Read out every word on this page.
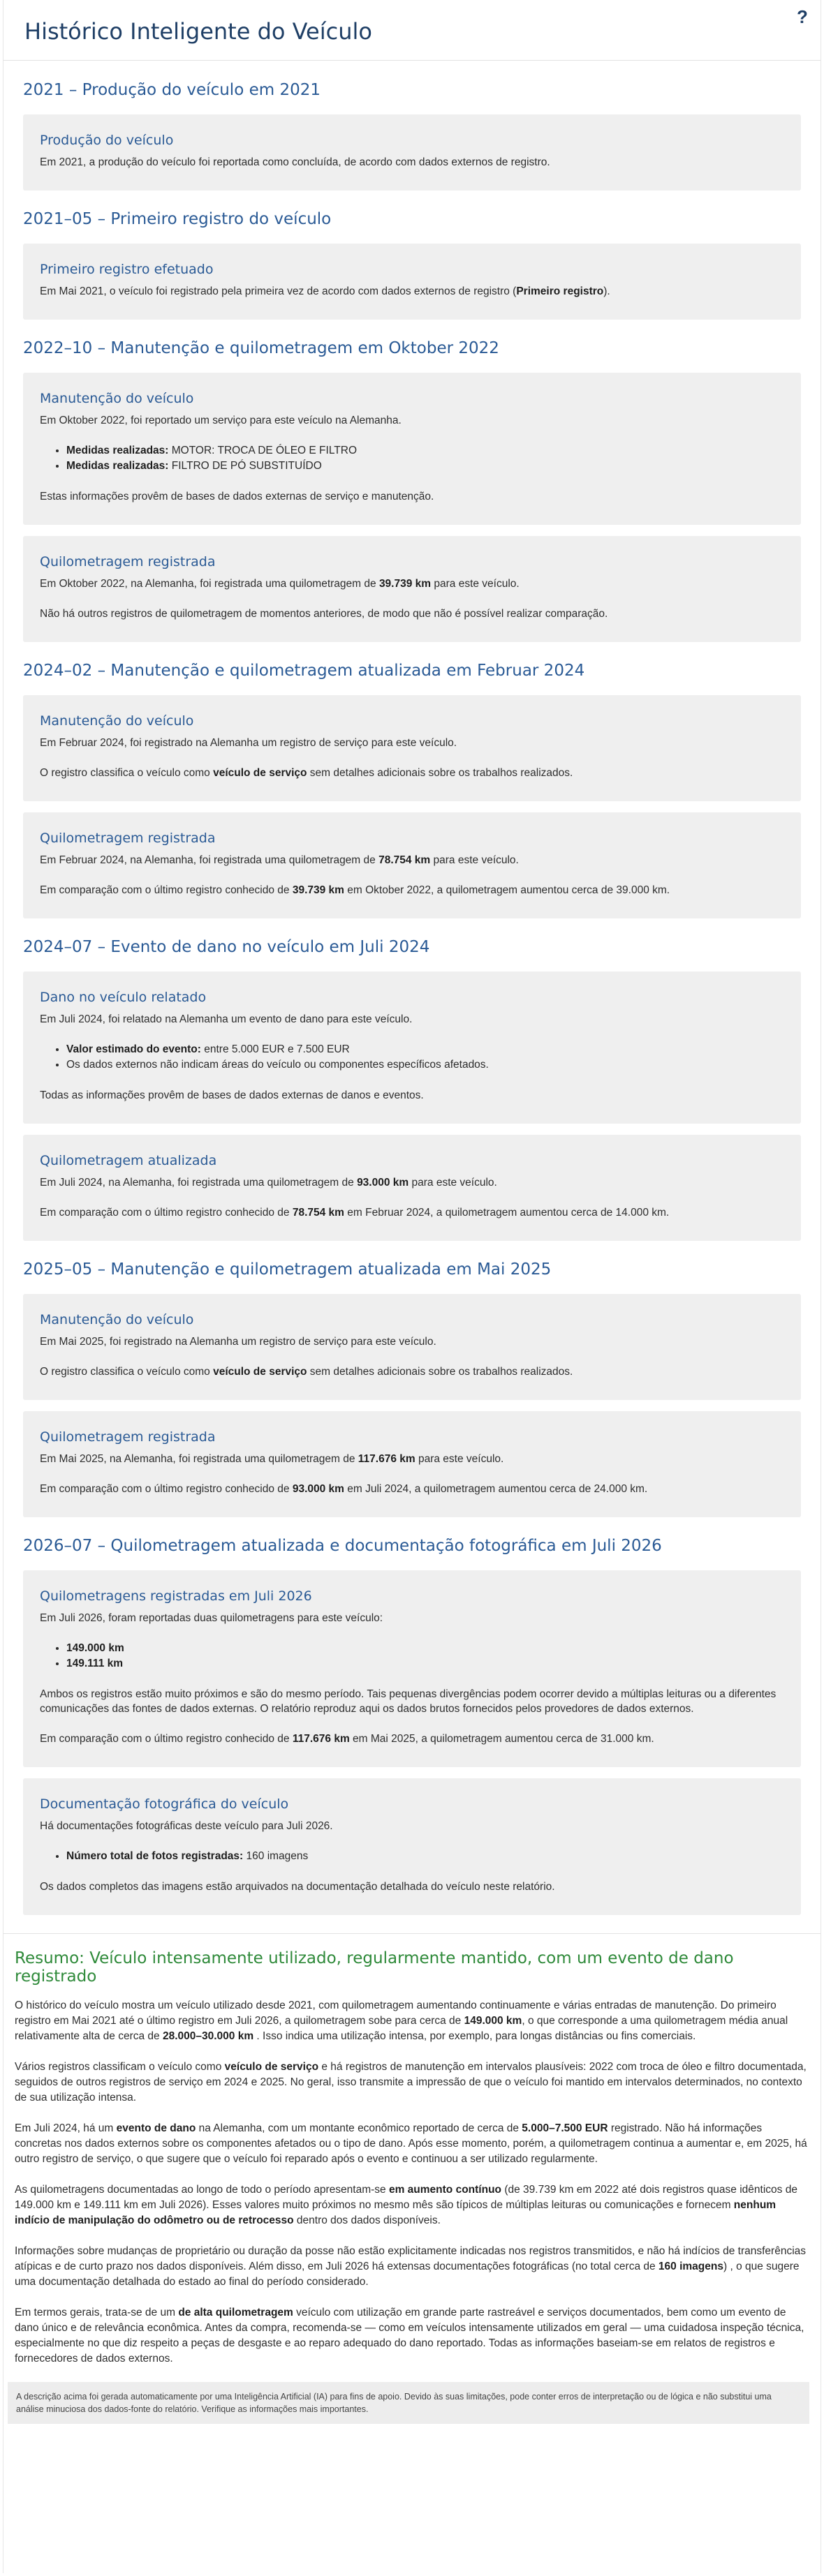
Histórico Inteligente do Veículo
?
2021 – Produção do veículo em 2021
Produção do veículo

Em 2021, a produção do veículo foi reportada como concluída, de acordo com dados externos de registro.

2021–05 – Primeiro registro do veículo
Primeiro registro efetuado

Em Mai 2021, o veículo foi registrado pela primeira vez de acordo com dados externos de registro (Primeiro registro).

2022–10 – Manutenção e quilometragem em Oktober 2022
Manutenção do veículo

Em Oktober 2022, foi reportado um serviço para este veículo na Alemanha.

• Medidas realizadas: MOTOR: TROCA DE ÓLEO E FILTRO
• Medidas realizadas: FILTRO DE PÓ SUBSTITUÍDO

Estas informações provêm de bases de dados externas de serviço e manutenção.

Quilometragem registrada

Em Oktober 2022, na Alemanha, foi registrada uma quilometragem de 39.739 km para este veículo.

Não há outros registros de quilometragem de momentos anteriores, de modo que não é possível realizar comparação.

2024–02 – Manutenção e quilometragem atualizada em Februar 2024
Manutenção do veículo

Em Februar 2024, foi registrado na Alemanha um registro de serviço para este veículo.

O registro classifica o veículo como veículo de serviço sem detalhes adicionais sobre os trabalhos realizados.

Quilometragem registrada

Em Februar 2024, na Alemanha, foi registrada uma quilometragem de 78.754 km para este veículo.

Em comparação com o último registro conhecido de 39.739 km em Oktober 2022, a quilometragem aumentou cerca de 39.000 km.

2024–07 – Evento de dano no veículo em Juli 2024
Dano no veículo relatado

Em Juli 2024, foi relatado na Alemanha um evento de dano para este veículo.

• Valor estimado do evento: entre 5.000 EUR e 7.500 EUR
• Os dados externos não indicam áreas do veículo ou componentes específicos afetados.

Todas as informações provêm de bases de dados externas de danos e eventos.

Quilometragem atualizada

Em Juli 2024, na Alemanha, foi registrada uma quilometragem de 93.000 km para este veículo.

Em comparação com o último registro conhecido de 78.754 km em Februar 2024, a quilometragem aumentou cerca de 14.000 km.

2025–05 – Manutenção e quilometragem atualizada em Mai 2025
Manutenção do veículo

Em Mai 2025, foi registrado na Alemanha um registro de serviço para este veículo.

O registro classifica o veículo como veículo de serviço sem detalhes adicionais sobre os trabalhos realizados.

Quilometragem registrada

Em Mai 2025, na Alemanha, foi registrada uma quilometragem de 117.676 km para este veículo.

Em comparação com o último registro conhecido de 93.000 km em Juli 2024, a quilometragem aumentou cerca de 24.000 km.

2026–07 – Quilometragem atualizada e documentação fotográfica em Juli 2026
Quilometragens registradas em Juli 2026

Em Juli 2026, foram reportadas duas quilometragens para este veículo:

• 149.000 km
• 149.111 km

Ambos os registros estão muito próximos e são do mesmo período. Tais pequenas divergências podem ocorrer devido a múltiplas leituras ou a diferentes comunicações das fontes de dados externas. O relatório reproduz aqui os dados brutos fornecidos pelos provedores de dados externos.

Em comparação com o último registro conhecido de 117.676 km em Mai 2025, a quilometragem aumentou cerca de 31.000 km.

Documentação fotográfica do veículo

Há documentações fotográficas deste veículo para Juli 2026.

• Número total de fotos registradas: 160 imagens

Os dados completos das imagens estão arquivados na documentação detalhada do veículo neste relatório.

Resumo: Veículo intensamente utilizado, regularmente mantido, com um evento de dano registrado

O histórico do veículo mostra um veículo utilizado desde 2021, com quilometragem aumentando continuamente e várias entradas de manutenção. Do primeiro registro em Mai 2021 até o último registro em Juli 2026, a quilometragem sobe para cerca de 149.000 km, o que corresponde a uma quilometragem média anual relativamente alta de cerca de 28.000–30.000 km . Isso indica uma utilização intensa, por exemplo, para longas distâncias ou fins comerciais.

Vários registros classificam o veículo como veículo de serviço e há registros de manutenção em intervalos plausíveis: 2022 com troca de óleo e filtro documentada, seguidos de outros registros de serviço em 2024 e 2025. No geral, isso transmite a impressão de que o veículo foi mantido em intervalos determinados, no contexto de sua utilização intensa.

Em Juli 2024, há um evento de dano na Alemanha, com um montante econômico reportado de cerca de 5.000–7.500 EUR registrado. Não há informações concretas nos dados externos sobre os componentes afetados ou o tipo de dano. Após esse momento, porém, a quilometragem continua a aumentar e, em 2025, há outro registro de serviço, o que sugere que o veículo foi reparado após o evento e continuou a ser utilizado regularmente.

As quilometragens documentadas ao longo de todo o período apresentam-se em aumento contínuo (de 39.739 km em 2022 até dois registros quase idênticos de 149.000 km e 149.111 km em Juli 2026). Esses valores muito próximos no mesmo mês são típicos de múltiplas leituras ou comunicações e fornecem nenhum indício de manipulação do odômetro ou de retrocesso dentro dos dados disponíveis.

Informações sobre mudanças de proprietário ou duração da posse não estão explicitamente indicadas nos registros transmitidos, e não há indícios de transferências atípicas e de curto prazo nos dados disponíveis. Além disso, em Juli 2026 há extensas documentações fotográficas (no total cerca de 160 imagens) , o que sugere uma documentação detalhada do estado ao final do período considerado.

Em termos gerais, trata-se de um de alta quilometragem veículo com utilização em grande parte rastreável e serviços documentados, bem como um evento de dano único e de relevância econômica. Antes da compra, recomenda-se — como em veículos intensamente utilizados em geral — uma cuidadosa inspeção técnica, especialmente no que diz respeito a peças de desgaste e ao reparo adequado do dano reportado. Todas as informações baseiam-se em relatos de registros e fornecedores de dados externos.

A descrição acima foi gerada automaticamente por uma Inteligência Artificial (IA) para fins de apoio. Devido às suas limitações, pode conter erros de interpretação ou de lógica e não substitui uma análise minuciosa dos dados-fonte do relatório. Verifique as informações mais importantes.
